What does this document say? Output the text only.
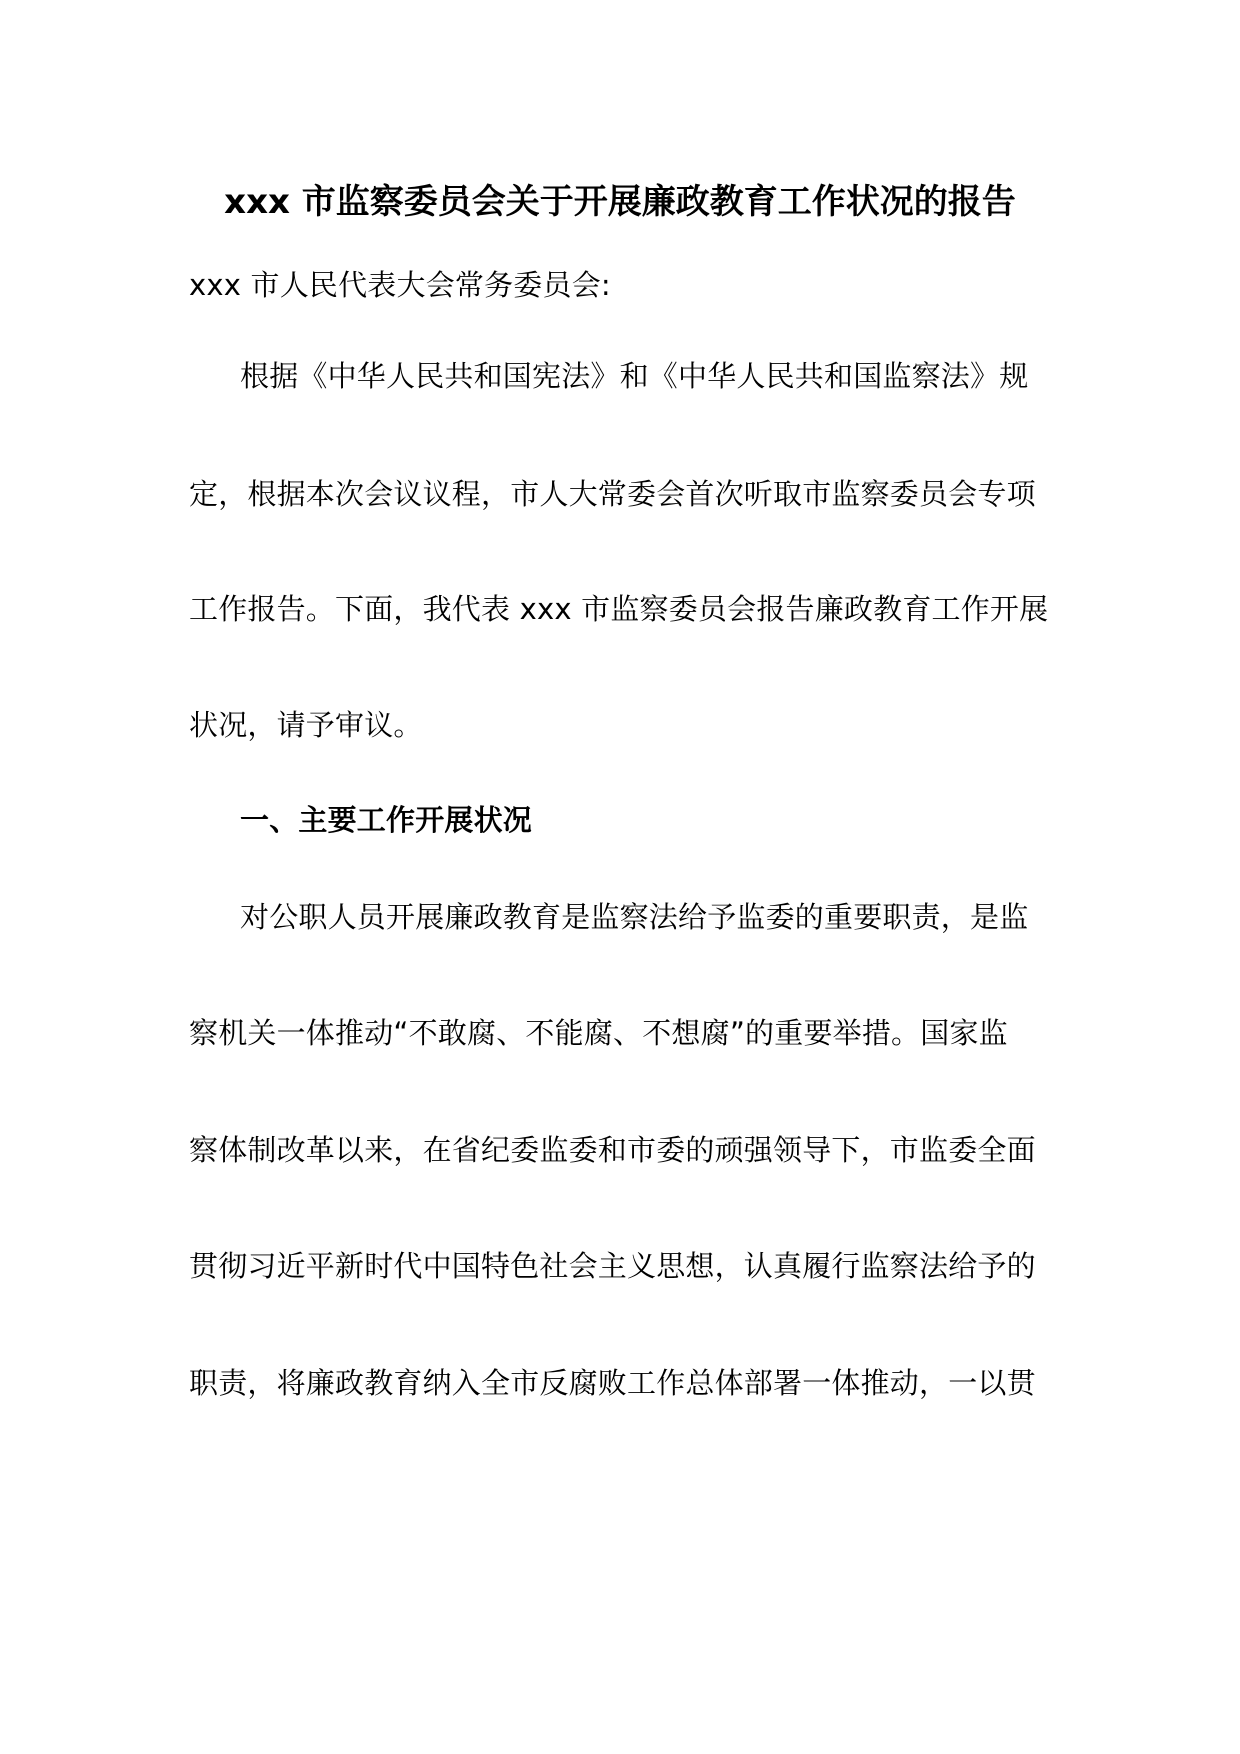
xxx 市监察委员会关于开展廉政教育工作状况的报告
xxx 市人民代表大会常务委员会:
根据《中华人民共和国宪法》和《中华人民共和国监察法》规
定，根据本次会议议程，市人大常委会首次听取市监察委员会专项
工作报告。下面，我代表 xxx 市监察委员会报告廉政教育工作开展
状况，请予审议。
一、主要工作开展状况
对公职人员开展廉政教育是监察法给予监委的重要职责，是监
察机关一体推动“不敢腐、不能腐、不想腐”的重要举措。国家监
察体制改革以来，在省纪委监委和市委的顽强领导下，市监委全面
贯彻习近平新时代中国特色社会主义思想，认真履行监察法给予的
职责，将廉政教育纳入全市反腐败工作总体部署一体推动，一以贯
